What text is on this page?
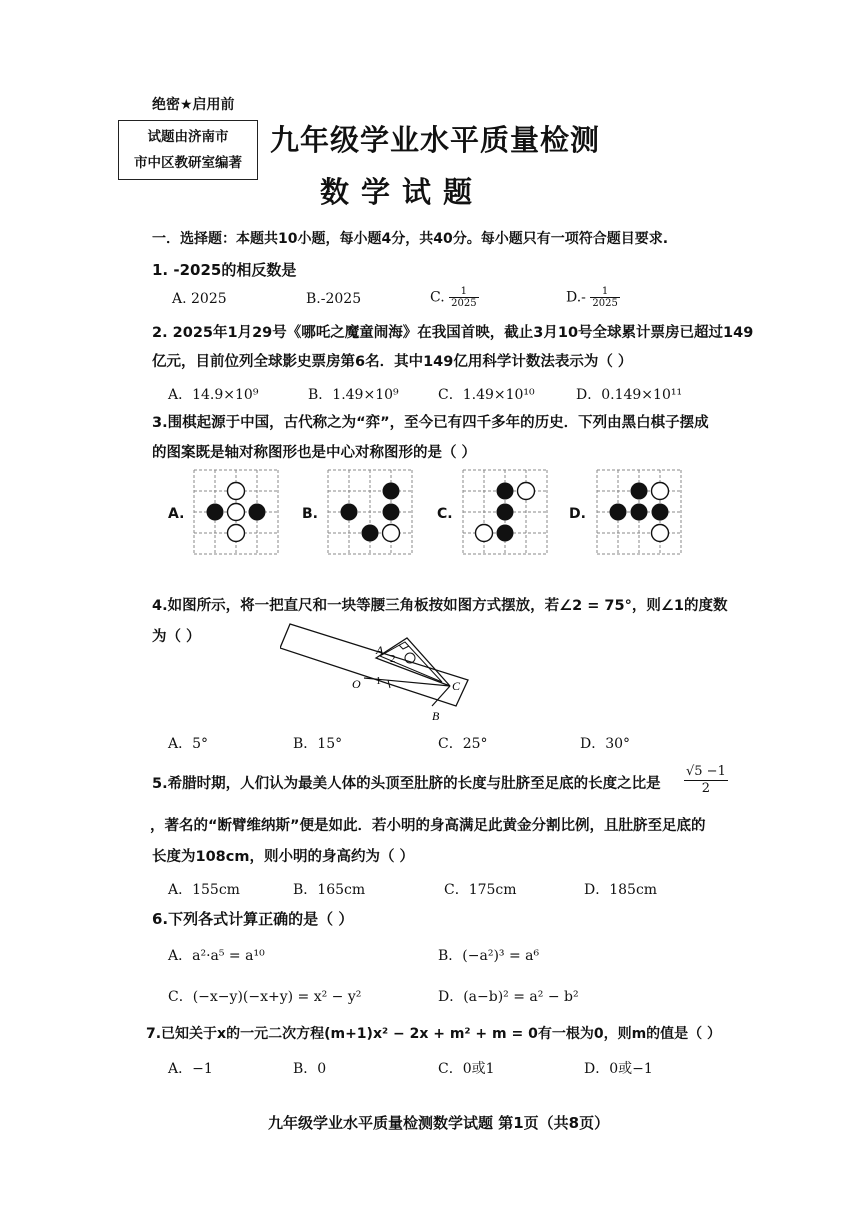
绝密★启用前
试题由济南市
市中区教研室编著
九年级学业水平质量检测
数学试题
一．选择题：本题共10小题，每小题4分，共40分。每小题只有一项符合题目要求.
1. -2025的相反数是
A. 2025	B.-2025	C. $\frac{1}{2025}$	$D.- \frac{1}{2025}$
2. 2025年1月29号《哪吒之魔童闹海》在我国首映，截止3月10号全球累计票房已超过149
亿元，目前位列全球影史票房第6名．其中149亿用科学计数法表示为（ ）
A．14.9×10⁹	B．1.49×10⁹	C．1.49×10¹⁰	D．0.149×10¹¹
3.围棋起源于中国，古代称之为“弈”，至今已有四千多年的历史．下列由黑白棋子摆成
的图案既是轴对称图形也是中心对称图形的是（ ）
A.	B.	C.	D.
4.如图所示，将一把直尺和一块等腰三角板按如图方式摆放，若∠2 = 75°，则∠1的度数
为（ ）
A
2
1
O	C
B
A．5°	B．15°	C．25°	D．30°
5.希腊时期，人们认为最美人体的头顶至肚脐的长度与肚脐至足底的长度之比是 $\frac{√5 -1}{2}$
，著名的“断臂维纳斯”便是如此．若小明的身高满足此黄金分割比例，且肚脐至足底的
长度为108cm，则小明的身高约为（ ）
A．155cm	B．165cm	C．175cm	D．185cm
6.下列各式计算正确的是（ ）
A．a²·a⁵ = a¹⁰	B．(−a²)³ = a⁶
C．(−x−y)(−x+y) = x² − y²	D．(a−b)² = a² − b²
7.已知关于x的一元二次方程(m+1)x² − 2x + m² + m = 0有一根为0，则m的值是（ ）
A．−1	B．0	C．0或1	D．0或−1
九年级学业水平质量检测数学试题 第1页（共8页）
